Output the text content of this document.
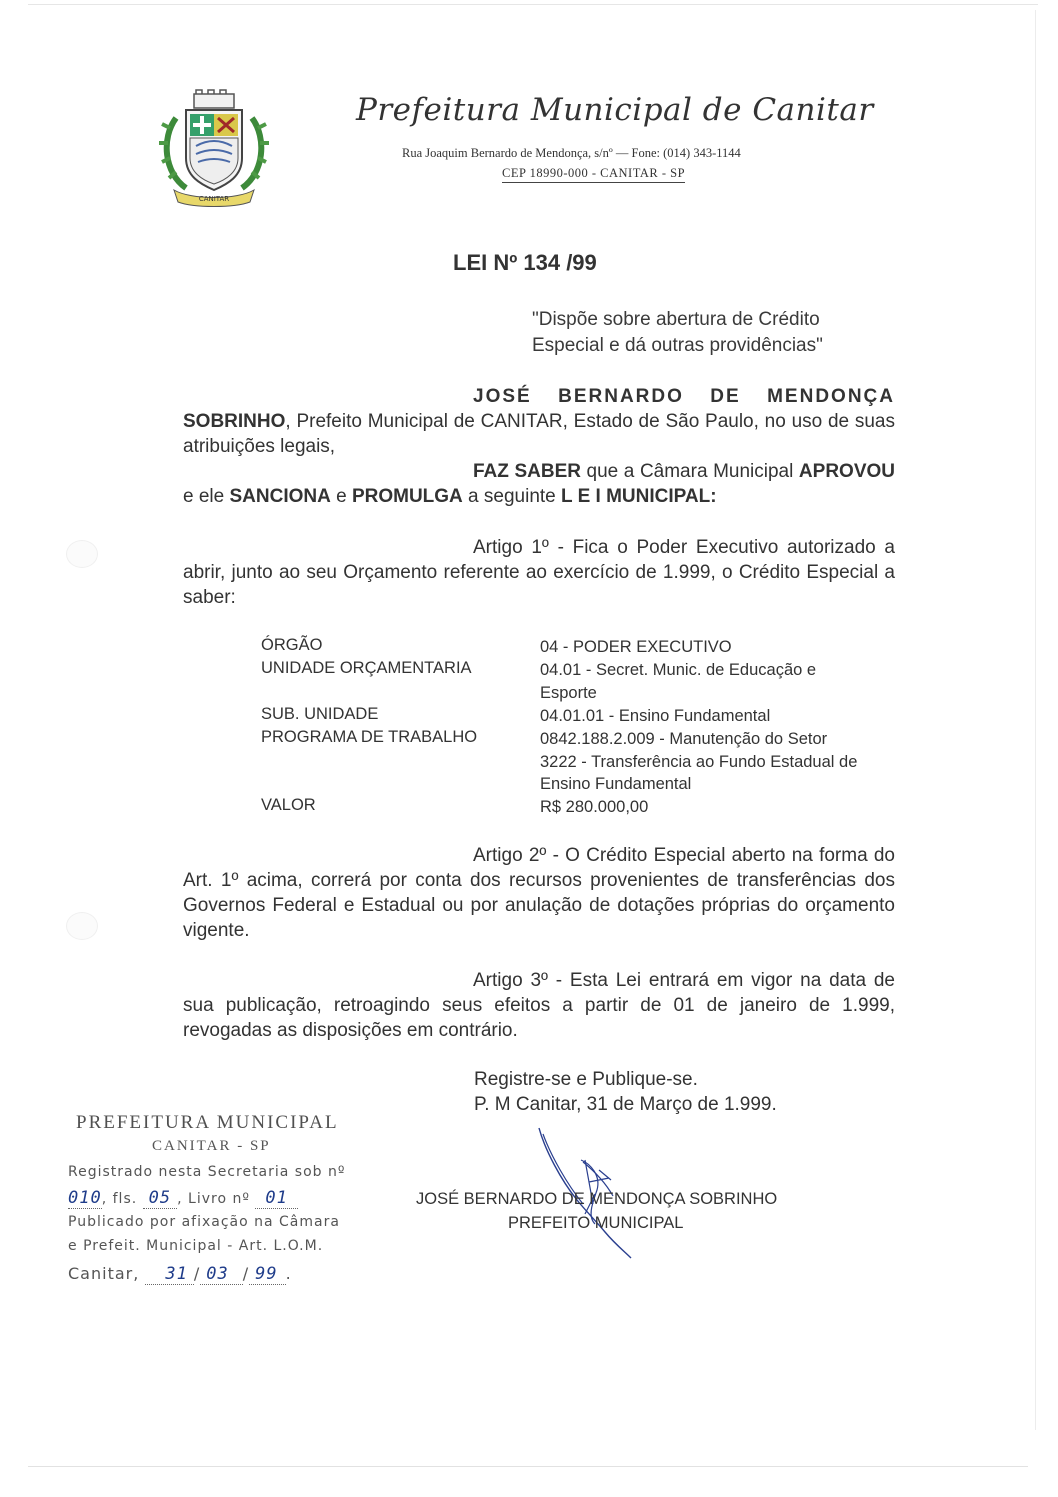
CANITAR
Prefeitura Municipal de Canitar
Rua Joaquim Bernardo de Mendonça, s/nº — Fone: (014) 343-1144
CEP 18990-000 - CANITAR - SP
LEI Nº 134 /99
"Dispõe sobre abertura de Crédito
Especial e dá outras providências"
JOSÉ BERNARDO DE MENDONÇA SOBRINHO, Prefeito Municipal de CANITAR, Estado de São Paulo, no uso de suas atribuições legais,
FAZ SABER que a Câmara Municipal APROVOU e ele SANCIONA e PROMULGA a seguinte L E I MUNICIPAL:
Artigo 1º - Fica o Poder Executivo autorizado a abrir, junto ao seu Orçamento referente ao exercício de 1.999, o Crédito Especial a saber:
ÓRGÃO	04 - PODER EXECUTIVO
UNIDADE ORÇAMENTARIA	04.01 - Secret. Munic. de Educação e Esporte
SUB. UNIDADE	04.01.01 - Ensino Fundamental
PROGRAMA DE TRABALHO	0842.188.2.009 - Manutenção do Setor
3222 - Transferência ao Fundo Estadual de Ensino Fundamental
VALOR	R$ 280.000,00
Artigo 2º - O Crédito Especial aberto na forma do Art. 1º acima, correrá por conta dos recursos provenientes de transferências dos Governos Federal e Estadual ou por anulação de dotações próprias do orçamento vigente.
Artigo 3º - Esta Lei entrará em vigor na data de sua publicação, retroagindo seus efeitos a partir de 01 de janeiro de 1.999, revogadas as disposições em contrário.
Registre-se e Publique-se.
P. M Canitar, 31 de Março de 1.999.
JOSÉ BERNARDO DE MENDONÇA SOBRINHO
PREFEITO MUNICIPAL
PREFEITURA MUNICIPAL
CANITAR - SP
Registrado nesta Secretaria sob nº
010, fls. 05 , Livro nº 01
Publicado por afixação na Câmara
e Prefeit. Municipal - Art. L.O.M.
Canitar, 31 / 03 / 99 .
